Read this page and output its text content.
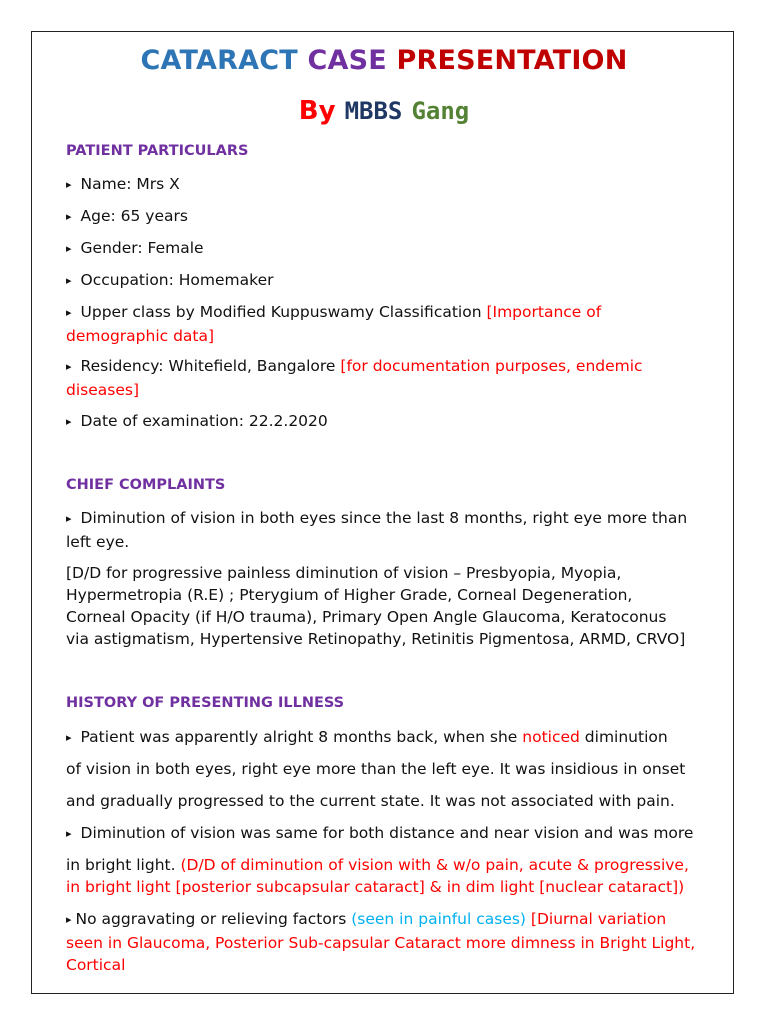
CATARACT CASE PRESENTATION
By MBBS Gang
PATIENT PARTICULARS
▸ Name: Mrs X
▸ Age: 65 years
▸ Gender: Female
▸ Occupation: Homemaker
▸ Upper class by Modified Kuppuswamy Classification [Importance of demographic data]
▸ Residency: Whitefield, Bangalore [for documentation purposes, endemic diseases]
▸ Date of examination: 22.2.2020
CHIEF COMPLAINTS
▸ Diminution of vision in both eyes since the last 8 months, right eye more than left eye.
[D/D for progressive painless diminution of vision – Presbyopia, Myopia, Hypermetropia (R.E) ; Pterygium of Higher Grade, Corneal Degeneration, Corneal Opacity (if H/O trauma), Primary Open Angle Glaucoma, Keratoconus via astigmatism, Hypertensive Retinopathy, Retinitis Pigmentosa, ARMD, CRVO]
HISTORY OF PRESENTING ILLNESS
▸ Patient was apparently alright 8 months back, when she noticed diminution
of vision in both eyes, right eye more than the left eye. It was insidious in onset
and gradually progressed to the current state. It was not associated with pain.
▸ Diminution of vision was same for both distance and near vision and was more
in bright light. (D/D of diminution of vision with & w/o pain, acute & progressive, in bright light [posterior subcapsular cataract] & in dim light [nuclear cataract])
▸ No aggravating or relieving factors (seen in painful cases) [Diurnal variation seen in Glaucoma, Posterior Sub-capsular Cataract more dimness in Bright Light, Cortical
